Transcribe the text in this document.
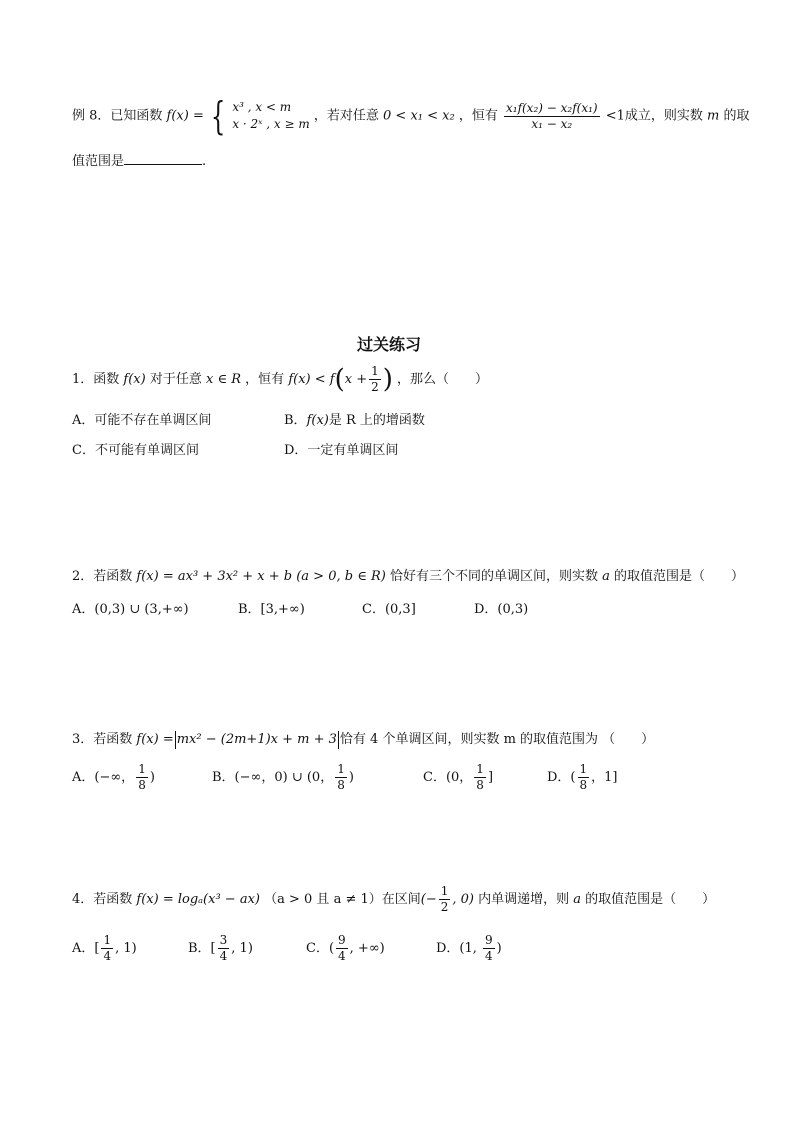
例 8．已知函数 f(x) = { x³ , x < m
x · 2ˣ , x ≥ m
，若对任意 0 < x₁ < x₂ ，恒有 $\frac{\text{x₁f(x₂) − x₂f(x₁)}}{\text{x₁ − x₂}} <1$成立，则实数 m 的取
值范围是	.
过关练习
1．函数 f(x) 对于任意 x ∈ R ，恒有 $f(x) < f(x + \frac{1}{2}$ ) ，那么（　　）
A．可能不存在单调区间	B．f(x)是 R 上的增函数
C．不可能有单调区间	D．一定有单调区间
2．若函数 f(x) = ax³ + 3x² + x + b (a > 0, b ∈ R) 恰好有三个不同的单调区间，则实数 a 的取值范围是（　　）
A．(0,3) ∪ (3,+∞)	B．[3,+∞)	C．(0,3]	D．(0,3)
3．若函数 f(x) = mx² − (2m+1)x + m + 3 恰有 4 个单调区间，则实数 m 的取值范围为 （　　）
A．(−∞， $\frac{1}{8}$ )	B．(−∞，0) ∪ (0， $\frac{1}{8}$ )	C．(0， $\frac{1}{8}$ ]	D．( $\frac{1}{8}$ ，1]
4．若函数 f(x) = logₐ(x³ − ax) （a > 0 且 a ≠ 1）在区间(− $\frac{1}{2}$ , 0) 内单调递增，则 a 的取值范围是（　　）
A．[ $\frac{1}{4}$ , 1)	B．[ $\frac{3}{4}$ , 1)	C．( $\frac{9}{4}$ , +∞)	D．(1, $\frac{9}{4}$ )
